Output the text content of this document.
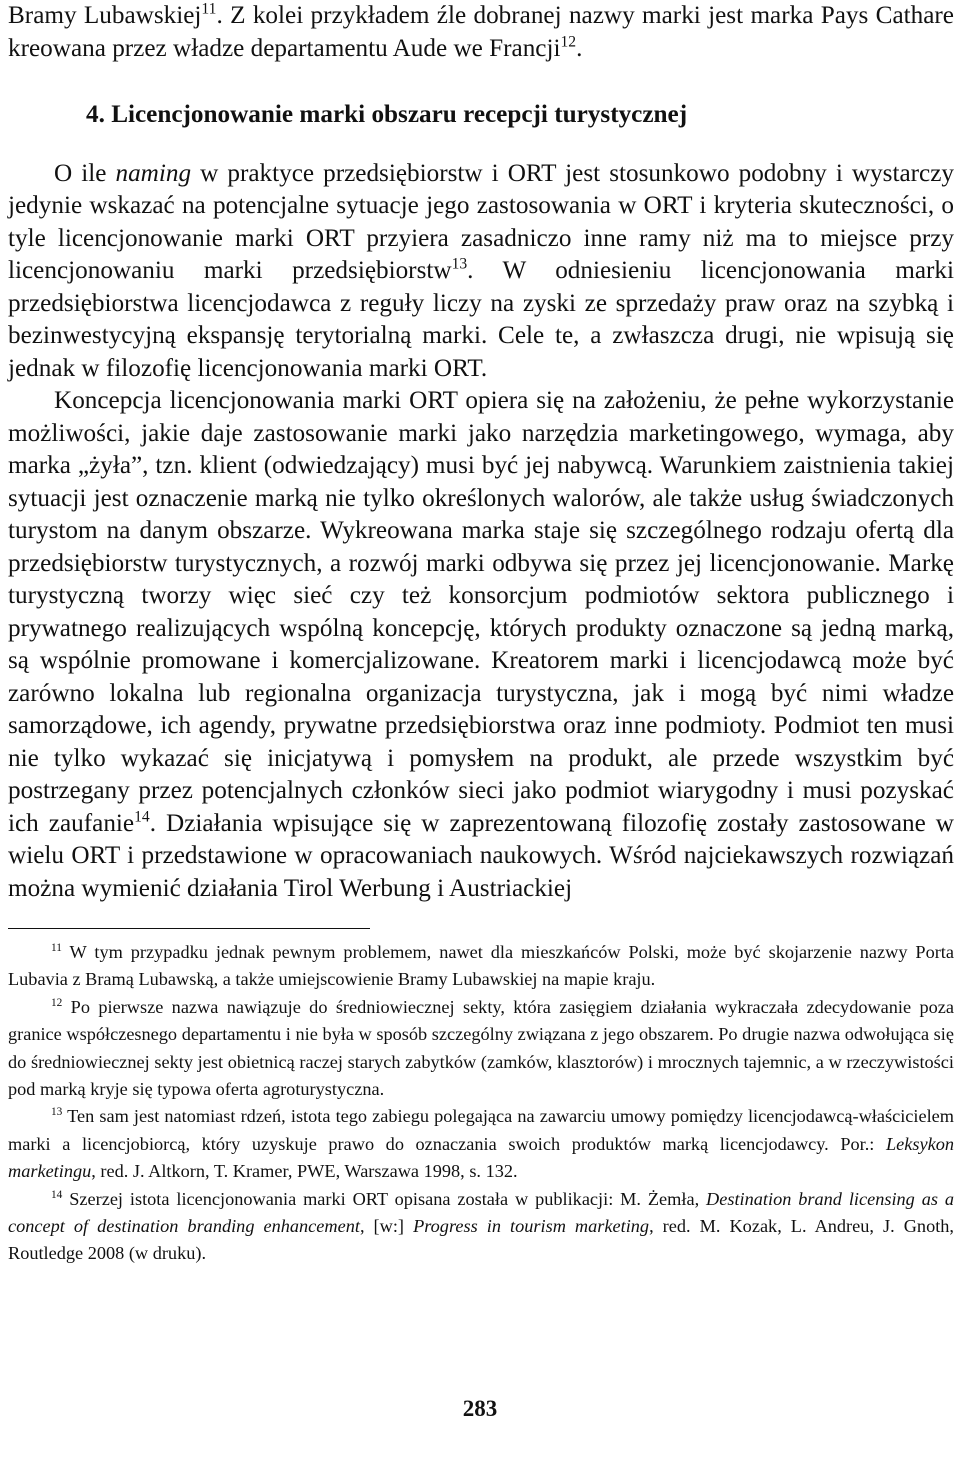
Bramy Lubawskiej$^{11}$. Z kolei przykładem źle dobranej nazwy marki jest marka Pays Cathare kreowana przez władze departamentu Aude we Francji$^{12}$.

4. Licencjonowanie marki obszaru recepcji turystycznej

O ile naming w praktyce przedsiębiorstw i ORT jest stosunkowo podobny i wystarczy jedynie wskazać na potencjalne sytuacje jego zastosowania w ORT i kryteria skuteczności, o tyle licencjonowanie marki ORT przyiera zasadniczo inne ramy niż ma to miejsce przy licencjonowaniu marki przedsiębiorstw$^{13}$. W odniesieniu licencjonowania marki przedsiębiorstwa licencjodawca z reguły liczy na zyski ze sprzedaży praw oraz na szybką i bezinwestycyjną ekspansję terytorialną marki. Cele te, a zwłaszcza drugi, nie wpisują się jednak w filozofię licencjonowania marki ORT.

Koncepcja licencjonowania marki ORT opiera się na założeniu, że pełne wykorzystanie możliwości, jakie daje zastosowanie marki jako narzędzia marketingowego, wymaga, aby marka „żyła”, tzn. klient (odwiedzający) musi być jej nabywcą. Warunkiem zaistnienia takiej sytuacji jest oznaczenie marką nie tylko określonych walorów, ale także usług świadczonych turystom na danym obszarze. Wykreowana marka staje się szczególnego rodzaju ofertą dla przedsiębiorstw turystycznych, a rozwój marki odbywa się przez jej licencjonowanie. Markę turystyczną tworzy więc sieć czy też konsorcjum podmiotów sektora publicznego i prywatnego realizujących wspólną koncepcję, których produkty oznaczone są jedną marką, są wspólnie promowane i komercjalizowane. Kreatorem marki i licencjodawcą może być zarówno lokalna lub regionalna organizacja turystyczna, jak i mogą być nimi władze samorządowe, ich agendy, prywatne przedsiębiorstwa oraz inne podmioty. Podmiot ten musi nie tylko wykazać się inicjatywą i pomysłem na produkt, ale przede wszystkim być postrzegany przez potencjalnych członków sieci jako podmiot wiarygodny i musi pozyskać ich zaufanie$^{14}$. Działania wpisujące się w zaprezentowaną filozofię zostały zastosowane w wielu ORT i przedstawione w opracowaniach naukowych. Wśród najciekawszych rozwiązań można wymienić działania Tirol Werbung i Austriackiej

$^{11}$ W tym przypadku jednak pewnym problemem, nawet dla mieszkańców Polski, może być skojarzenie nazwy Porta Lubavia z Bramą Lubawską, a także umiejscowienie Bramy Lubawskiej na mapie kraju.

$^{12}$ Po pierwsze nazwa nawiązuje do średniowiecznej sekty, która zasięgiem działania wykraczała zdecydowanie poza granice współczesnego departamentu i nie była w sposób szczególny związana z jego obszarem. Po drugie nazwa odwołująca się do średniowiecznej sekty jest obietnicą raczej starych zabytków (zamków, klasztorów) i mrocznych tajemnic, a w rzeczywistości pod marką kryje się typowa oferta agroturystyczna.

$^{13}$ Ten sam jest natomiast rdzeń, istota tego zabiegu polegająca na zawarciu umowy pomiędzy licencjodawcą-właścicielem marki a licencjobiorcą, który uzyskuje prawo do oznaczania swoich produktów marką licencjodawcy. Por.: Leksykon marketingu, red. J. Altkorn, T. Kramer, PWE, Warszawa 1998, s. 132.

$^{14}$ Szerzej istota licencjonowania marki ORT opisana została w publikacji: M. Żemła, Destination brand licensing as a concept of destination branding enhancement, [w:] Progress in tourism marketing, red. M. Kozak, L. Andreu, J. Gnoth, Routledge 2008 (w druku).

283
